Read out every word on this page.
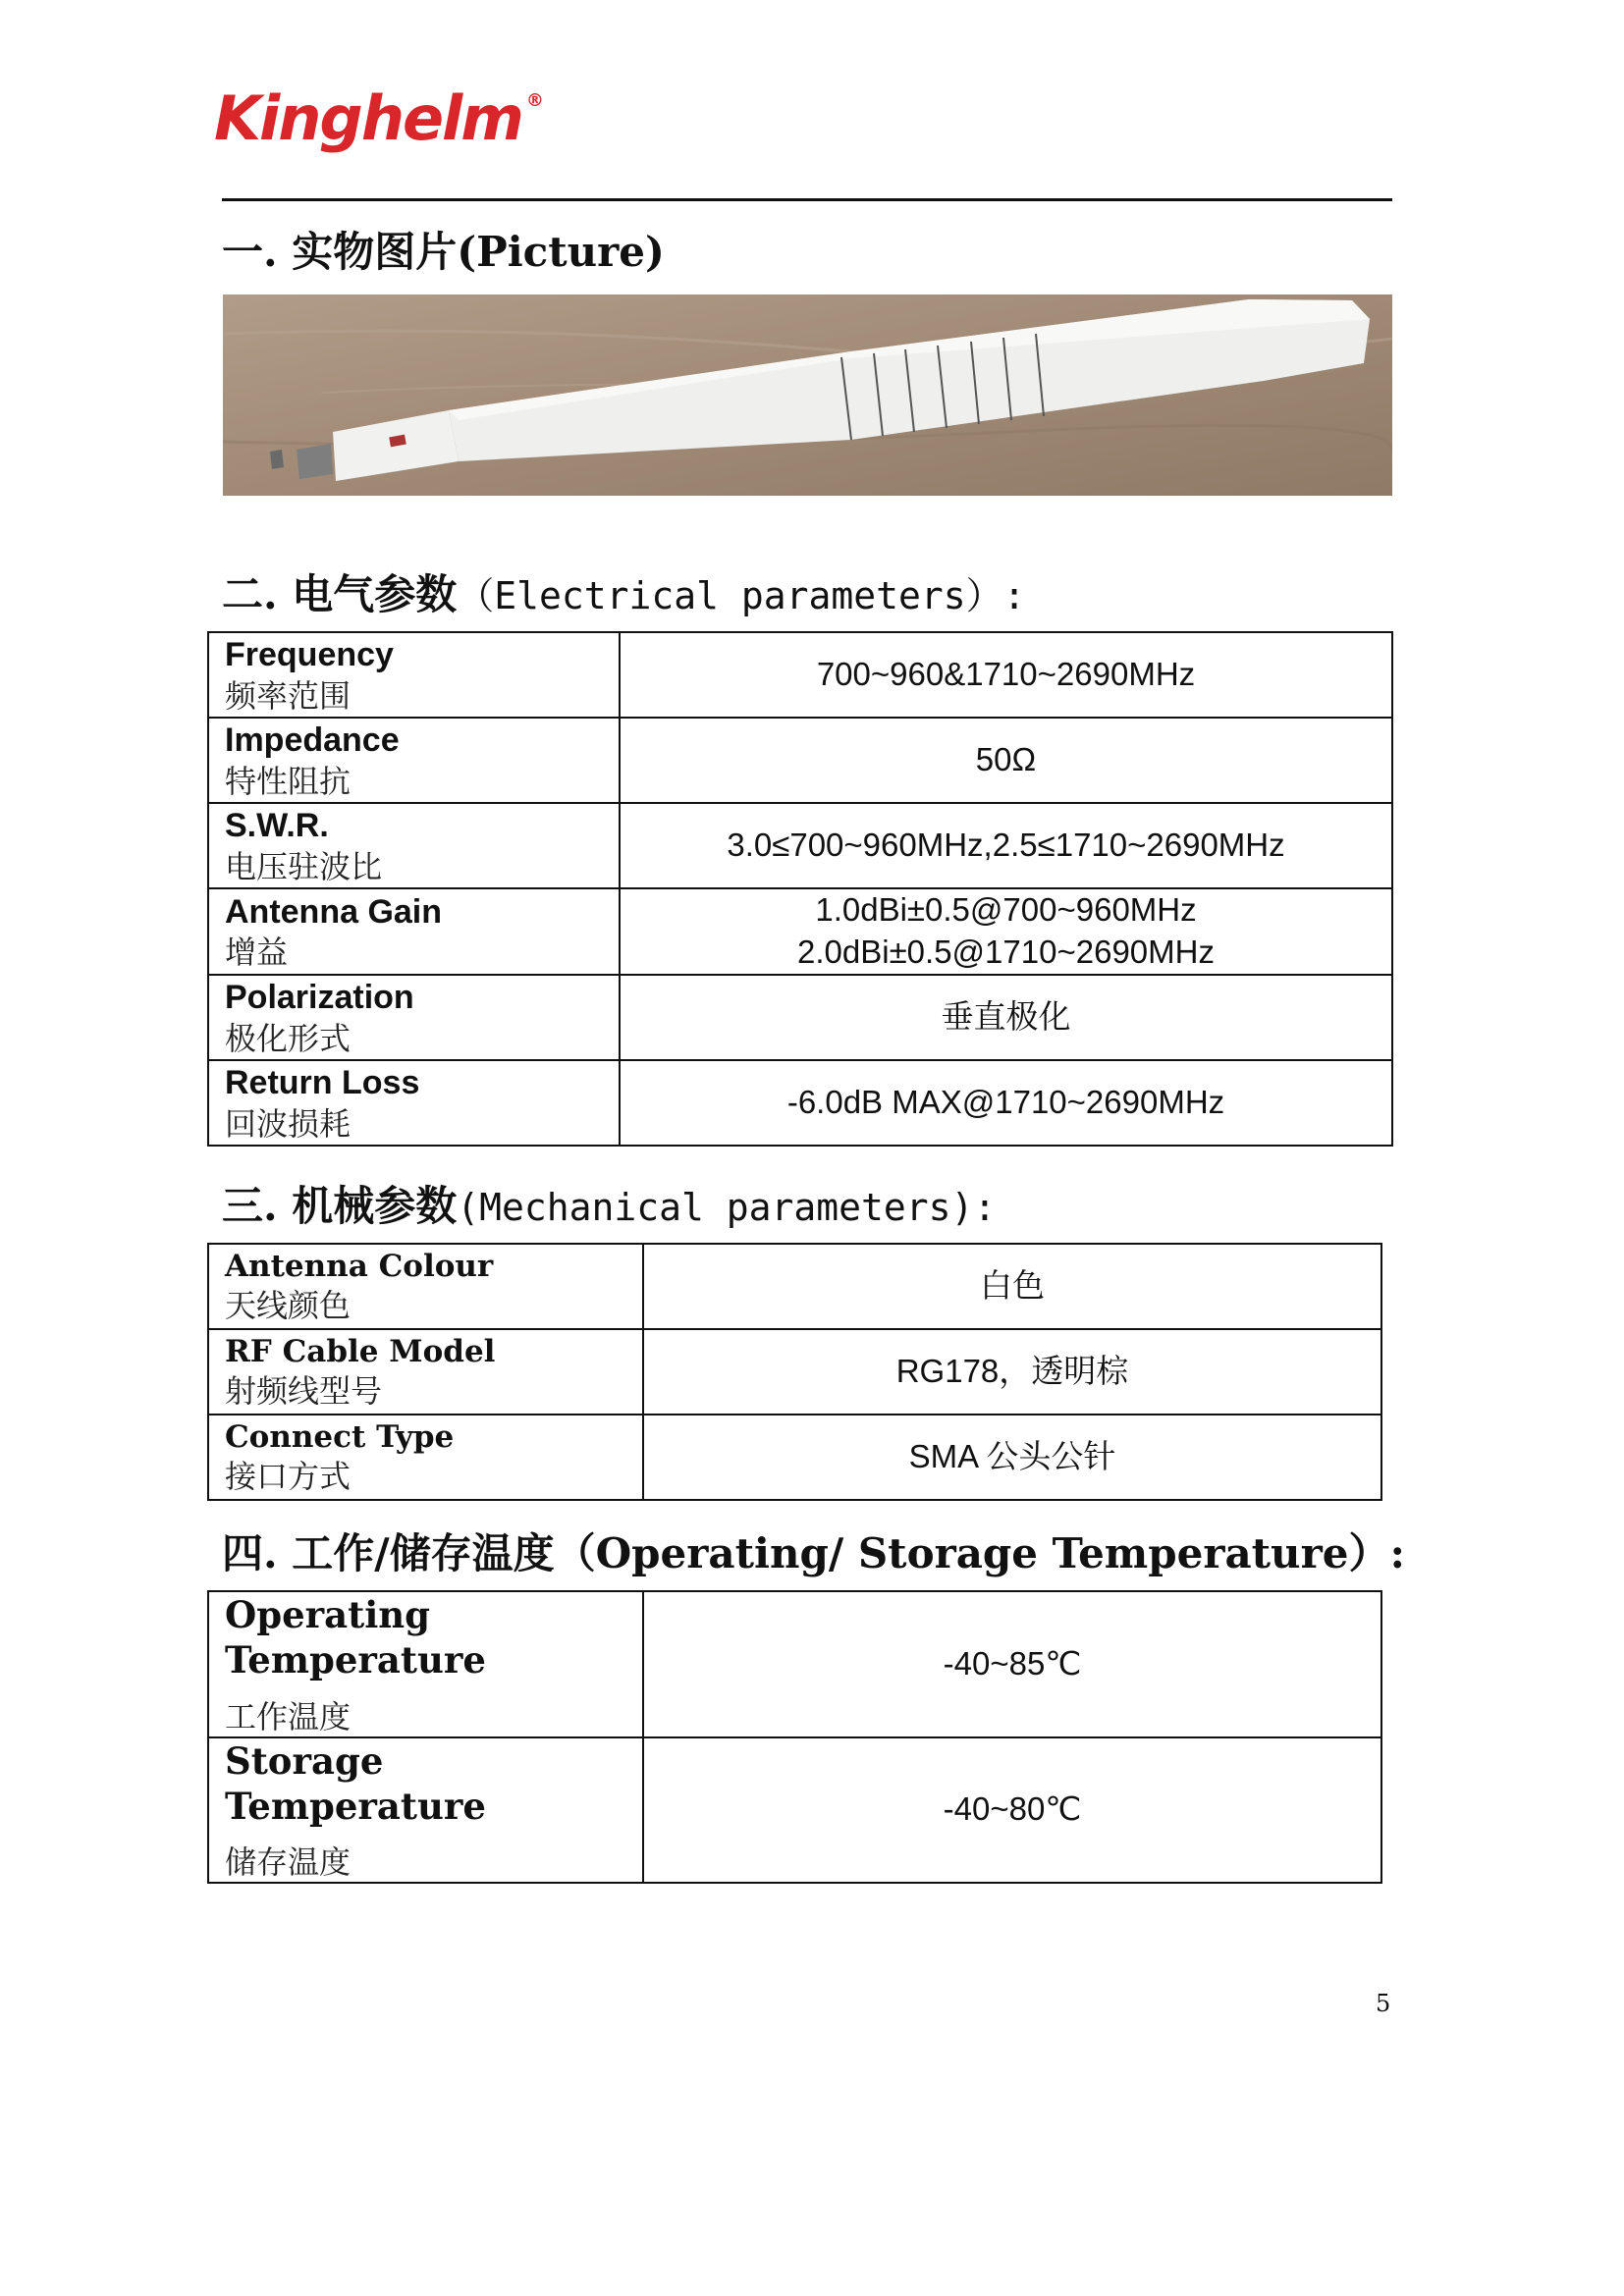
Kinghelm ®
一. 实物图片(Picture)
二. 电气参数（Electrical parameters）:
Frequency
频率范围	700~960&1710~2690MHz

Impedance
特性阻抗	50Ω

S.W.R.
电压驻波比	3.0≤700~960MHz,2.5≤1710~2690MHz

Antenna Gain
增益	1.0dBi±0.5@700~960MHz
2.0dBi±0.5@1710~2690MHz

Polarization
极化形式	垂直极化

Return Loss
回波损耗	-6.0dB MAX@1710~2690MHz
三. 机械参数(Mechanical parameters):
Antenna Colour
天线颜色	白色

RF Cable Model
射频线型号	RG178，透明棕

Connect Type
接口方式	SMA 公头公针
四. 工作/储存温度（Operating/ Storage Temperature）:
Operating Temperature
工作温度	-40~85℃

Storage Temperature
储存温度	-40~80℃
5
